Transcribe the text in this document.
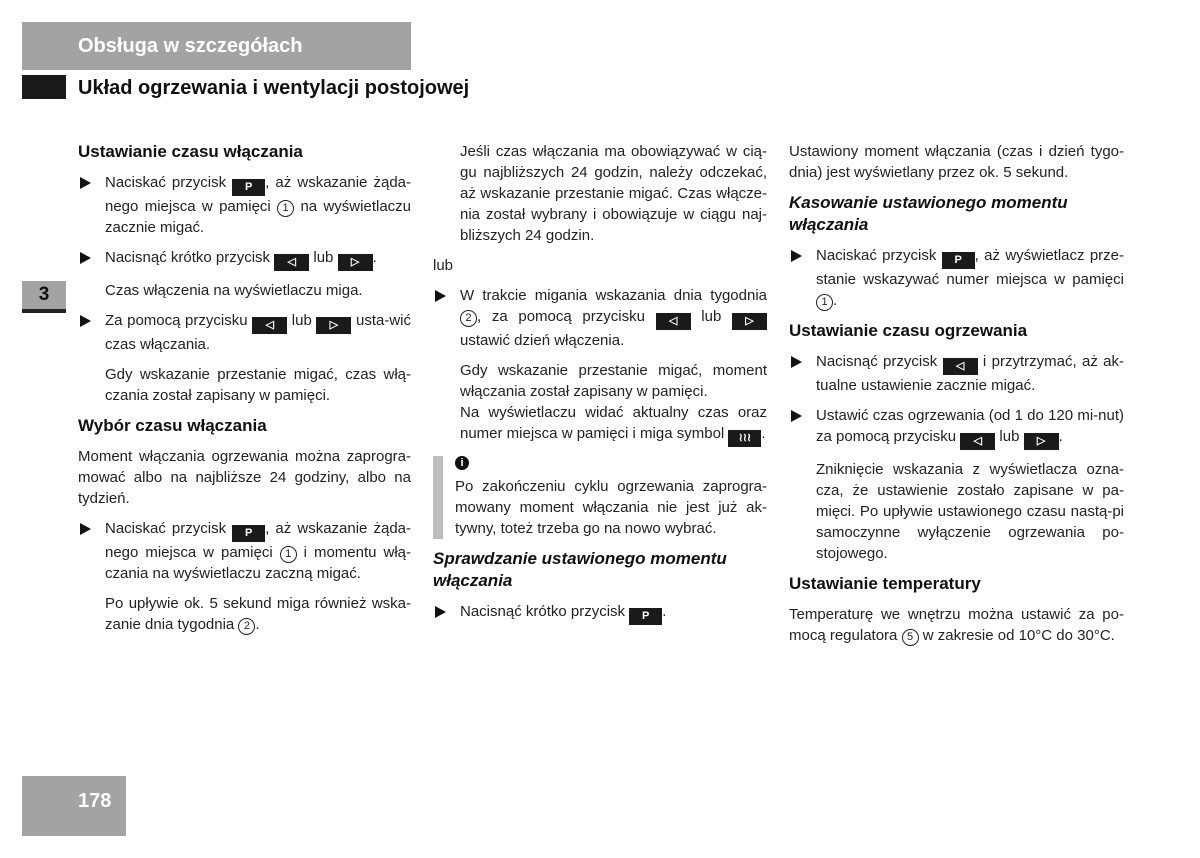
Obsługa w szczegółach
Układ ogrzewania i wentylacji postojowej
3
Ustawianie czasu włączania
Naciskać przycisk P , aż wskazanie żąda-nego miejsca w pamięci 1 na wyświetlaczu zacznie migać.
Nacisnąć krótko przycisk ◁ lub ▷ .

Czas włączenia na wyświetlaczu miga.

Za pomocą przycisku ◁ lub ▷ usta-wić czas włączania.

Gdy wskazanie przestanie migać, czas włą-czania został zapisany w pamięci.

Wybór czasu włączania

Moment włączania ogrzewania można zaprogra-mować albo na najbliższe 24 godziny, albo na tydzień.

Naciskać przycisk P , aż wskazanie żąda-nego miejsca w pamięci 1 i momentu włą-czania na wyświetlaczu zaczną migać.

Po upływie ok. 5 sekund miga również wska-zanie dnia tygodnia 2 .

Jeśli czas włączania ma obowiązywać w cią-gu najbliższych 24 godzin, należy odczekać, aż wskazanie przestanie migać. Czas włącze-nia został wybrany i obowiązuje w ciągu naj-bliższych 24 godzin.

lub

W trakcie migania wskazania dnia tygodnia 2 , za pomocą przycisku ◁ lub ▷ ustawić dzień włączenia.

Gdy wskazanie przestanie migać, moment włączania został zapisany w pamięci.

Na wyświetlaczu widać aktualny czas oraz numer miejsca w pamięci i miga symbol ≀≀≀ .

i

Po zakończeniu cyklu ogrzewania zaprogra-mowany moment włączania nie jest już ak-tywny, toteż trzeba go na nowo wybrać.

Sprawdzanie ustawionego momentu włączania
Nacisnąć krótko przycisk P .

Ustawiony moment włączania (czas i dzień tygo-dnia) jest wyświetlany przez ok. 5 sekund.

Kasowanie ustawionego momentu włączania
Naciskać przycisk P , aż wyświetlacz prze-stanie wskazywać numer miejsca w pamięci 1 .
Ustawianie czasu ogrzewania
Nacisnąć przycisk ◁ i przytrzymać, aż ak-tualne ustawienie zacznie migać.
Ustawić czas ogrzewania (od 1 do 120 mi-nut) za pomocą przycisku ◁ lub ▷ .

Zniknięcie wskazania z wyświetlacza ozna-cza, że ustawienie zostało zapisane w pa-mięci. Po upływie ustawionego czasu nastą-pi samoczynne wyłączenie ogrzewania po-stojowego.

Ustawianie temperatury

Temperaturę we wnętrzu można ustawić za po-mocą regulatora 5 w zakresie od 10°C do 30°C.

178
